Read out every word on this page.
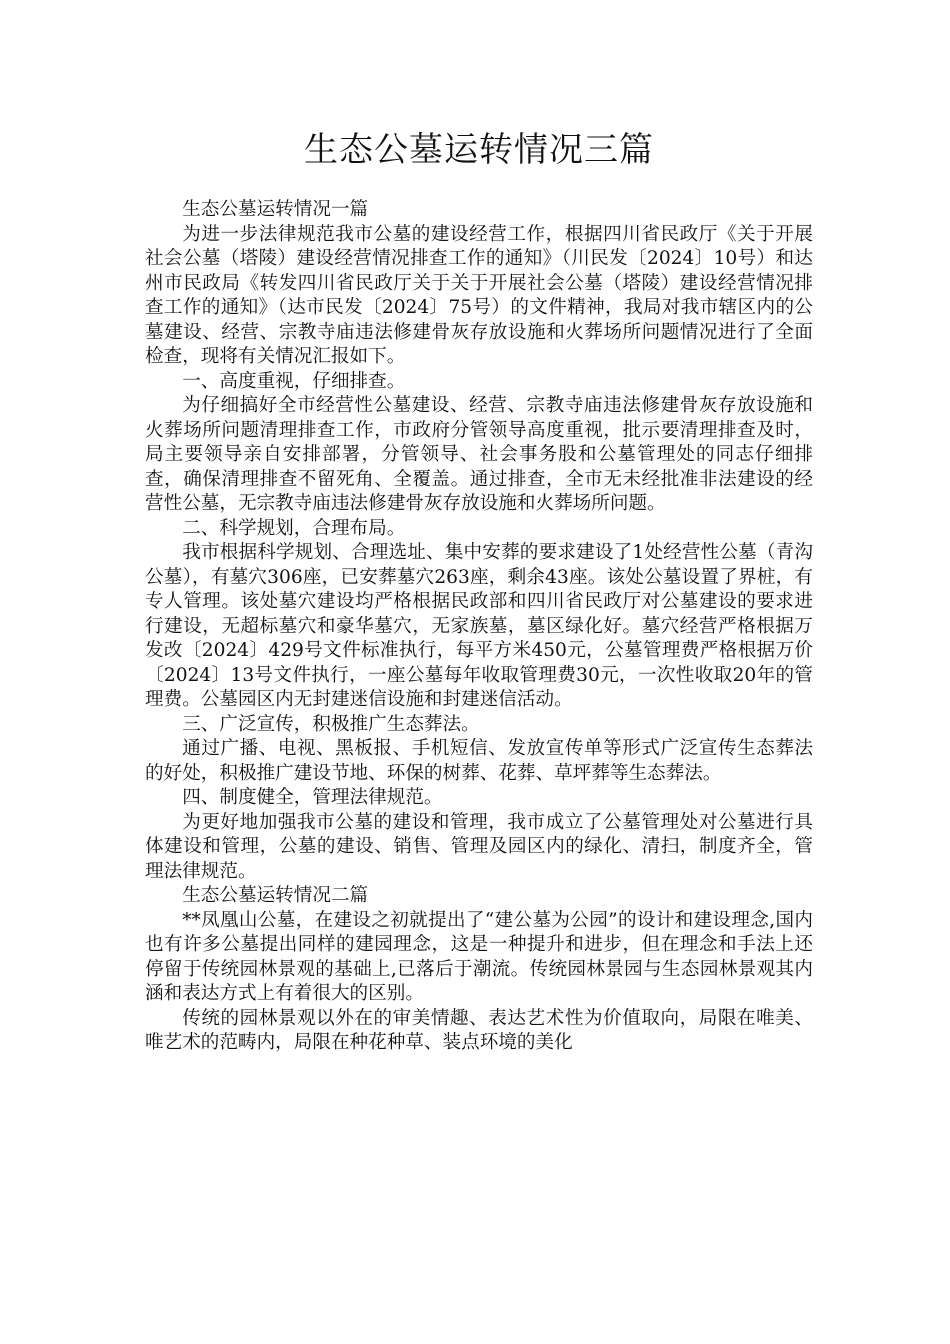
生态公墓运转情况三篇

生态公墓运转情况一篇

为进一步法律规范我市公墓的建设经营工作，根据四川省民政厅《关于开展社会公墓（塔陵）建设经营情况排查工作的通知》（川民发〔2024〕10号）和达州市民政局《转发四川省民政厅关于关于开展社会公墓（塔陵）建设经营情况排查工作的通知》（达市民发〔2024〕75号）的文件精神，我局对我市辖区内的公墓建设、经营、宗教寺庙违法修建骨灰存放设施和火葬场所问题情况进行了全面检查，现将有关情况汇报如下。

一、高度重视，仔细排查。

为仔细搞好全市经营性公墓建设、经营、宗教寺庙违法修建骨灰存放设施和火葬场所问题清理排查工作，市政府分管领导高度重视，批示要清理排查及时，局主要领导亲自安排部署，分管领导、社会事务股和公墓管理处的同志仔细排查，确保清理排查不留死角、全覆盖。通过排查，全市无未经批准非法建设的经营性公墓，无宗教寺庙违法修建骨灰存放设施和火葬场所问题。

二、科学规划，合理布局。

我市根据科学规划、合理选址、集中安葬的要求建设了1处经营性公墓（青沟公墓），有墓穴306座，已安葬墓穴263座，剩余43座。该处公墓设置了界桩，有专人管理。该处墓穴建设均严格根据民政部和四川省民政厅对公墓建设的要求进行建设，无超标墓穴和豪华墓穴，无家族墓，墓区绿化好。墓穴经营严格根据万发改〔2024〕429号文件标准执行，每平方米450元，公墓管理费严格根据万价〔2024〕13号文件执行，一座公墓每年收取管理费30元，一次性收取20年的管理费。公墓园区内无封建迷信设施和封建迷信活动。

三、广泛宣传，积极推广生态葬法。

通过广播、电视、黑板报、手机短信、发放宣传单等形式广泛宣传生态葬法的好处，积极推广建设节地、环保的树葬、花葬、草坪葬等生态葬法。

四、制度健全，管理法律规范。

为更好地加强我市公墓的建设和管理，我市成立了公墓管理处对公墓进行具体建设和管理，公墓的建设、销售、管理及园区内的绿化、清扫，制度齐全，管理法律规范。

生态公墓运转情况二篇

**凤凰山公墓，在建设之初就提出了“建公墓为公园”的设计和建设理念,国内也有许多公墓提出同样的建园理念，这是一种提升和进步，但在理念和手法上还停留于传统园林景观的基础上,已落后于潮流。传统园林景园与生态园林景观其内涵和表达方式上有着很大的区别。

传统的园林景观以外在的审美情趣、表达艺术性为价值取向，局限在唯美、唯艺术的范畴内，局限在种花种草、装点环境的美化
